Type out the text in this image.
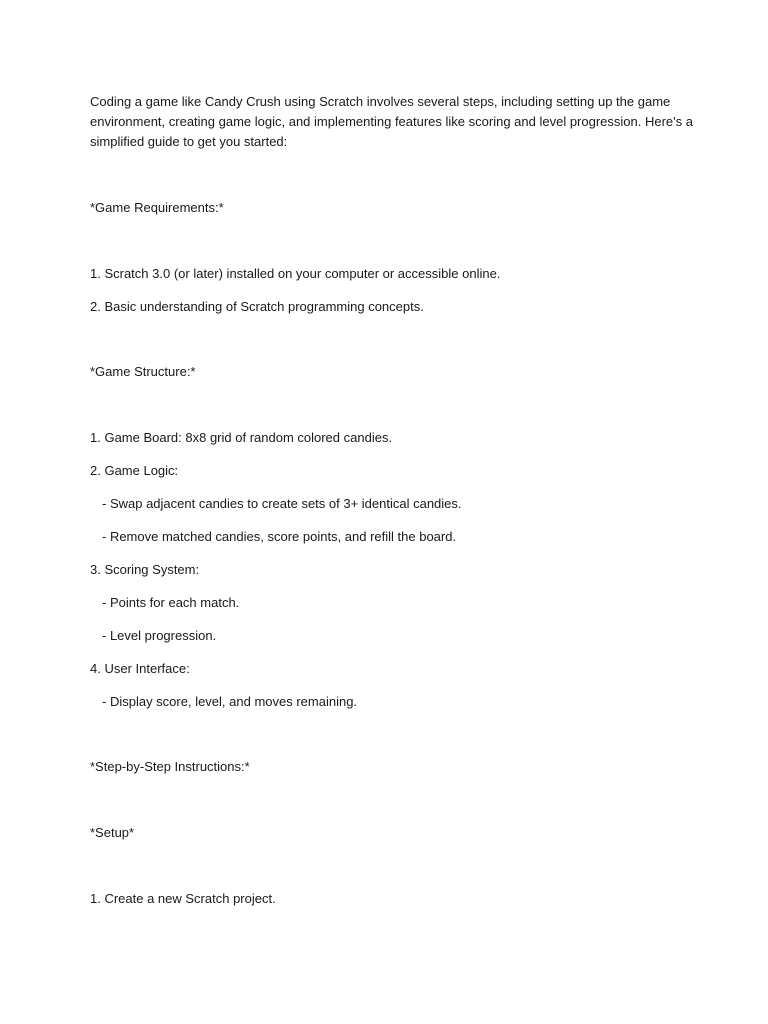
Coding a game like Candy Crush using Scratch involves several steps, including setting up the game
environment, creating game logic, and implementing features like scoring and level progression. Here's a
simplified guide to get you started:
*Game Requirements:*
1. Scratch 3.0 (or later) installed on your computer or accessible online.
2. Basic understanding of Scratch programming concepts.
*Game Structure:*
1. Game Board: 8x8 grid of random colored candies.
2. Game Logic:
- Swap adjacent candies to create sets of 3+ identical candies.
- Remove matched candies, score points, and refill the board.
3. Scoring System:
- Points for each match.
- Level progression.
4. User Interface:
- Display score, level, and moves remaining.
*Step-by-Step Instructions:*
*Setup*
1. Create a new Scratch project.
